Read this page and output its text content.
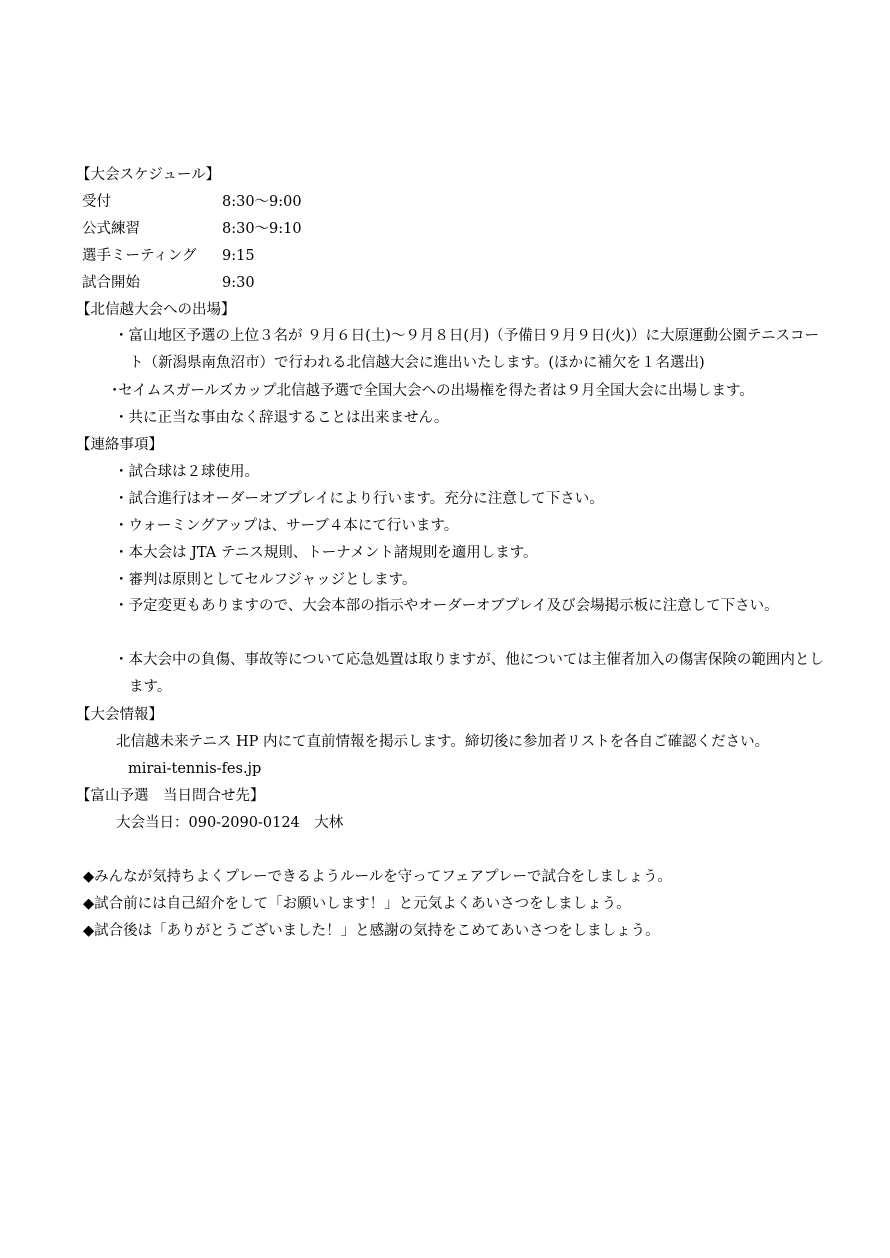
【大会スケジュール】
受付	8:30〜9:00
公式練習	8:30〜9:10
選手ミーティング 9:15
試合開始	9:30
【北信越大会への出場】
・富山地区予選の上位３名が ９月６日(土)〜９月８日(月)（予備日９月９日(火)）に大原運動公園テニスコート（新潟県南魚沼市）で行われる北信越大会に進出いたします。(ほかに補欠を１名選出)
･セイムスガールズカップ北信越予選で全国大会への出場権を得た者は９月全国大会に出場します。
・共に正当な事由なく辞退することは出来ません。
【連絡事項】
・試合球は２球使用。
・試合進行はオーダーオブプレイにより行います。充分に注意して下さい。
・ウォーミングアップは、サーブ４本にて行います。
・本大会は JTA テニス規則、トーナメント諸規則を適用します。
・審判は原則としてセルフジャッジとします。
・予定変更もありますので、大会本部の指示やオーダーオブプレイ及び会場掲示板に注意して下さい。
・本大会中の負傷、事故等について応急処置は取りますが、他については主催者加入の傷害保険の範囲内とします。
【大会情報】
北信越未来テニス HP 内にて直前情報を掲示します。締切後に参加者リストを各自ご確認ください。
mirai-tennis-fes.jp
【富山予選　当日問合せ先】
大会当日：090-2090-0124　大林
◆みんなが気持ちよくプレーできるようルールを守ってフェアプレーで試合をしましょう。
◆試合前には自己紹介をして「お願いします！」と元気よくあいさつをしましょう。
◆試合後は「ありがとうございました！」と感謝の気持をこめてあいさつをしましょう。
